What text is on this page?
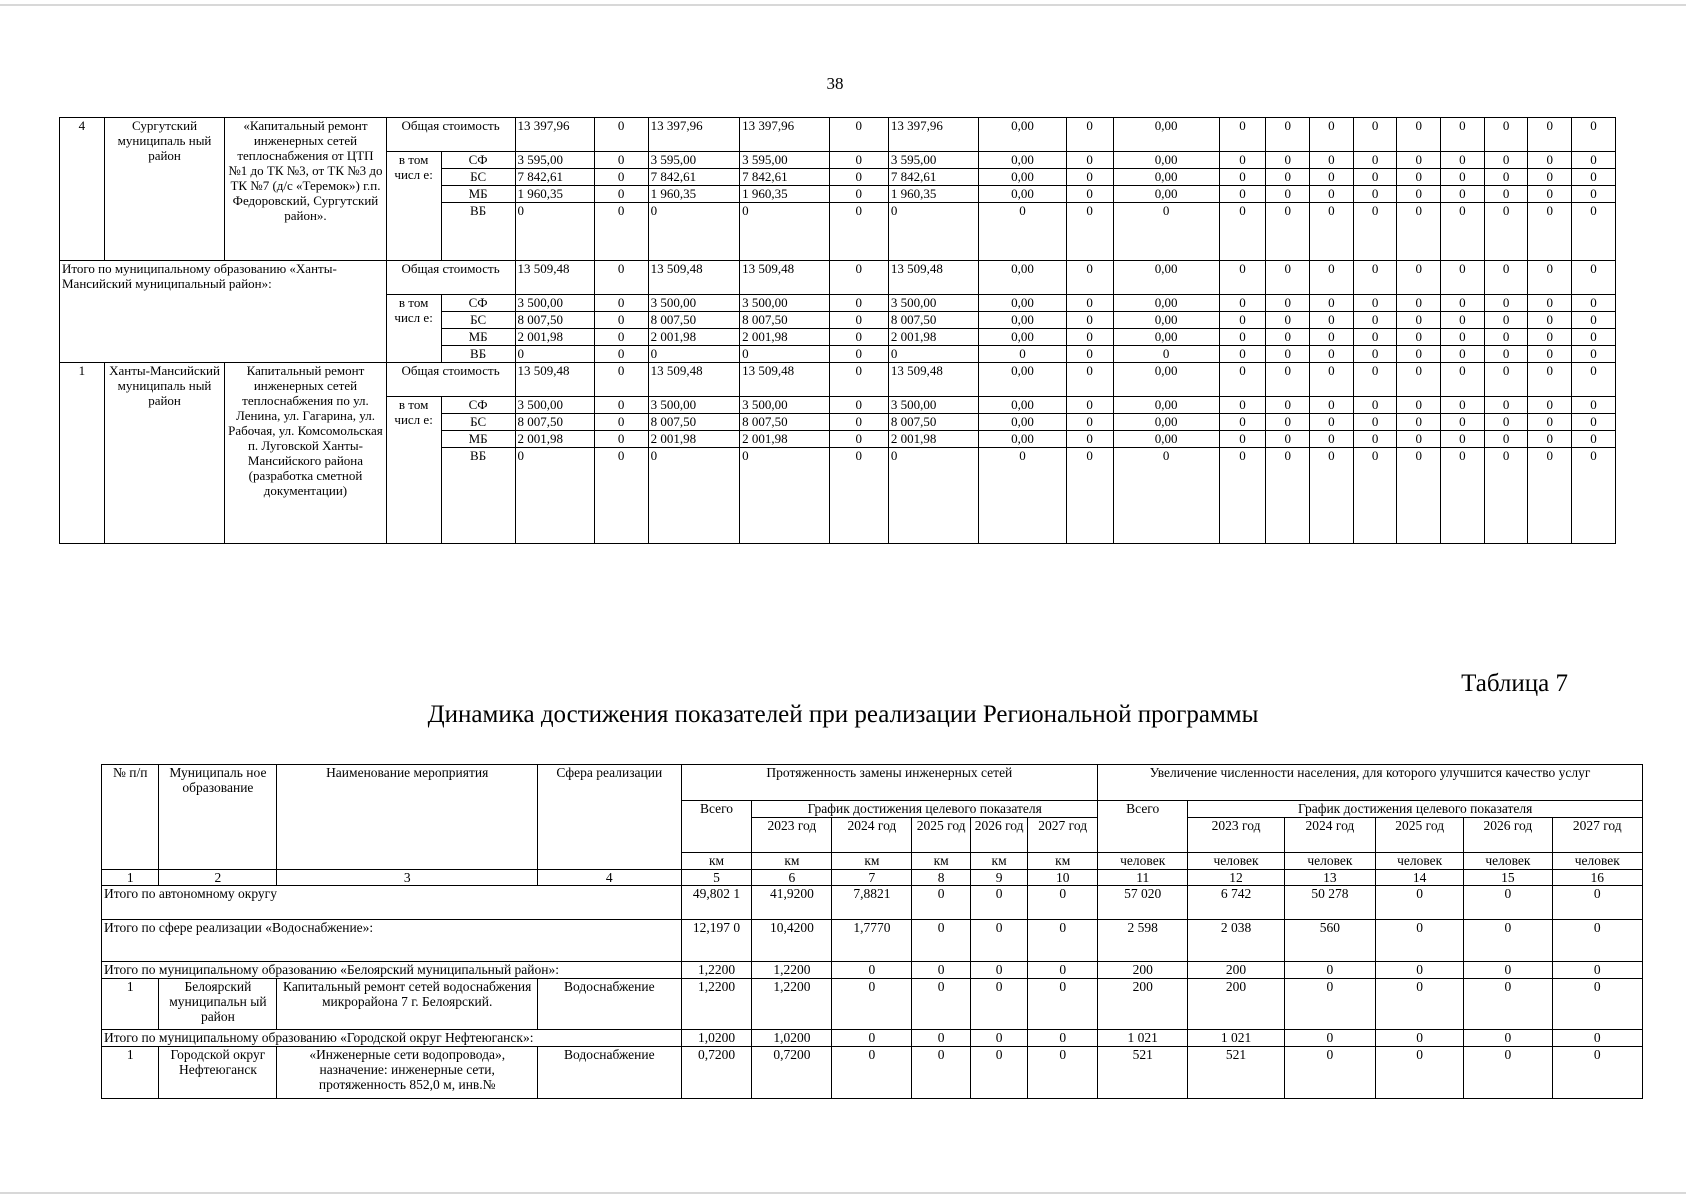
38
4	Сургутский муниципаль ный район	«Капитальный ремонт инженерных сетей теплоснабжения от ЦТП №1 до ТК №3, от ТК №3 до ТК №7 (д/с «Теремок») г.п. Федоровский, Сургутский район».	Общая стоимость		13 397,96	0	13 397,96	13 397,96	0	13 397,96	0,00	0	0,00	0	0	0	0	0	0	0	0	0
			в том числ е:	СФ	3 595,00	0	3 595,00	3 595,00	0	3 595,00	0,00	0	0,00	0	0	0	0	0	0	0	0	0
				БС	7 842,61	0	7 842,61	7 842,61	0	7 842,61	0,00	0	0,00	0	0	0	0	0	0	0	0	0
				МБ	1 960,35	0	1 960,35	1 960,35	0	1 960,35	0,00	0	0,00	0	0	0	0	0	0	0	0	0
				ВБ	0	0	0	0	0	0	0	0	0	0	0	0	0	0	0	0	0	0
Итого по муниципальному образованию «Ханты-Мансийский муниципальный район»:			Общая стоимость		13 509,48	0	13 509,48	13 509,48	0	13 509,48	0,00	0	0,00	0	0	0	0	0	0	0	0	0
			в том числ е:	СФ	3 500,00	0	3 500,00	3 500,00	0	3 500,00	0,00	0	0,00	0	0	0	0	0	0	0	0	0
				БС	8 007,50	0	8 007,50	8 007,50	0	8 007,50	0,00	0	0,00	0	0	0	0	0	0	0	0	0
				МБ	2 001,98	0	2 001,98	2 001,98	0	2 001,98	0,00	0	0,00	0	0	0	0	0	0	0	0	0
				ВБ	0	0	0	0	0	0	0	0	0	0	0	0	0	0	0	0	0	0
1	Ханты-Мансийский муниципаль ный район	Капитальный ремонт инженерных сетей теплоснабжения по ул. Ленина, ул. Гагарина, ул. Рабочая, ул. Комсомольская п. Луговской Ханты-Мансийского района (разработка сметной документации)	Общая стоимость		13 509,48	0	13 509,48	13 509,48	0	13 509,48	0,00	0	0,00	0	0	0	0	0	0	0	0	0
			в том числ е:	СФ	3 500,00	0	3 500,00	3 500,00	0	3 500,00	0,00	0	0,00	0	0	0	0	0	0	0	0	0
				БС	8 007,50	0	8 007,50	8 007,50	0	8 007,50	0,00	0	0,00	0	0	0	0	0	0	0	0	0
				МБ	2 001,98	0	2 001,98	2 001,98	0	2 001,98	0,00	0	0,00	0	0	0	0	0	0	0	0	0
				ВБ	0	0	0	0	0	0	0	0	0	0	0	0	0	0	0	0	0	0
Таблица 7
Динамика достижения показателей при реализации Региональной программы
№ п/п	Муниципаль ное образование	Наименование мероприятия	Сфера реализации	Протяженность замены инженерных сетей						Увеличение численности населения, для которого улучшится качество услуг					
				Всего	График достижения целевого показателя					Всего	График достижения целевого показателя				
					2023 год	2024 год	2025 год	2026 год	2027 год		2023 год	2024 год	2025 год	2026 год	2027 год
				км	км	км	км	км	км	человек	человек	человек	человек	человек	человек
1	2	3	4	5	6	7	8	9	10	11	12	13	14	15	16
Итого по автономному округу				49,802 1	41,9200	7,8821	0	0	0	57 020	6 742	50 278	0	0	0
Итого по сфере реализации «Водоснабжение»:				12,197 0	10,4200	1,7770	0	0	0	2 598	2 038	560	0	0	0
Итого по муниципальному образованию «Белоярский муниципальный район»:				1,2200	1,2200	0	0	0	0	200	200	0	0	0	0
1	Белоярский муниципальн ый район	Капитальный ремонт сетей водоснабжения микрорайона 7 г. Белоярский.	Водоснабжение	1,2200	1,2200	0	0	0	0	200	200	0	0	0	0
Итого по муниципальному образованию «Городской округ Нефтеюганск»:				1,0200	1,0200	0	0	0	0	1 021	1 021	0	0	0	0
1	Городской округ Нефтеюганск	«Инженерные сети водопровода», назначение: инженерные сети, протяженность 852,0 м, инв.№	Водоснабжение	0,7200	0,7200	0	0	0	0	521	521	0	0	0	0
